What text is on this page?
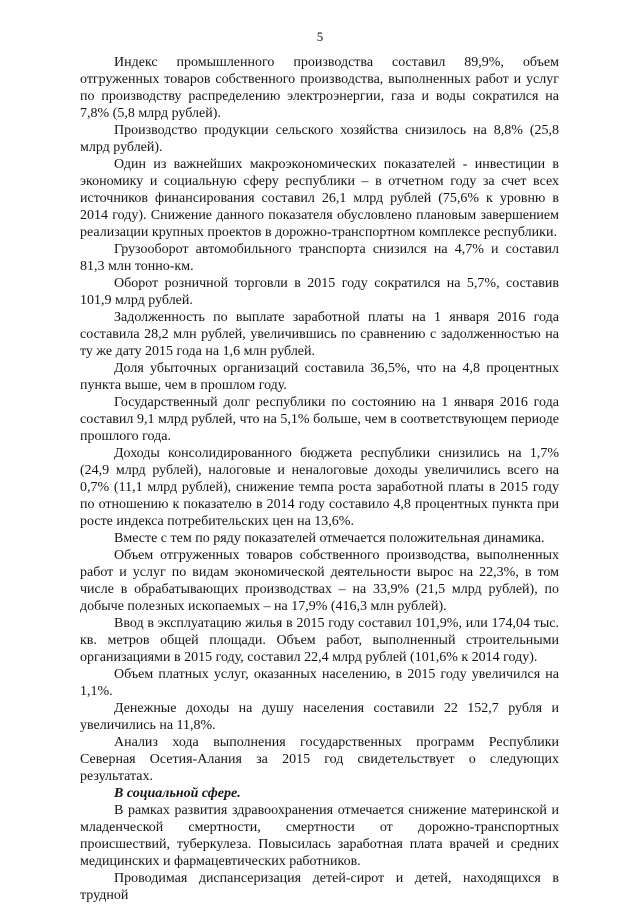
5

Индекс промышленного производства составил 89,9%, объем отгруженных товаров собственного производства, выполненных работ и услуг по производству распределению электроэнергии, газа и воды сократился на 7,8% (5,8 млрд рублей).

Производство продукции сельского хозяйства снизилось на 8,8% (25,8 млрд рублей).

Один из важнейших макроэкономических показателей - инвестиции в экономику и социальную сферу республики – в отчетном году за счет всех источников финансирования составил 26,1 млрд рублей (75,6% к уровню в 2014 году). Снижение данного показателя обусловлено плановым завершением реализации крупных проектов в дорожно-транспортном комплексе республики.

Грузооборот автомобильного транспорта снизился на 4,7% и составил 81,3 млн тонно-км.

Оборот розничной торговли в 2015 году сократился на 5,7%, составив 101,9 млрд рублей.

Задолженность по выплате заработной платы на 1 января 2016 года составила 28,2 млн рублей, увеличившись по сравнению с задолженностью на ту же дату 2015 года на 1,6 млн рублей.

Доля убыточных организаций составила 36,5%, что на 4,8 процентных пункта выше, чем в прошлом году.

Государственный долг республики по состоянию на 1 января 2016 года составил 9,1 млрд рублей, что на 5,1% больше, чем в соответствующем периоде прошлого года.

Доходы консолидированного бюджета республики снизились на 1,7% (24,9 млрд рублей), налоговые и неналоговые доходы увеличились всего на 0,7% (11,1 млрд рублей), снижение темпа роста заработной платы в 2015 году по отношению к показателю в 2014 году составило 4,8 процентных пункта при росте индекса потребительских цен на 13,6%.

Вместе с тем по ряду показателей отмечается положительная динамика.

Объем отгруженных товаров собственного производства, выполненных работ и услуг по видам экономической деятельности вырос на 22,3%, в том числе в обрабатывающих производствах – на 33,9% (21,5 млрд рублей), по добыче полезных ископаемых – на 17,9% (416,3 млн рублей).

Ввод в эксплуатацию жилья в 2015 году составил 101,9%, или 174,04 тыс. кв. метров общей площади. Объем работ, выполненный строительными организациями в 2015 году, составил 22,4 млрд рублей (101,6% к 2014 году).

Объем платных услуг, оказанных населению, в 2015 году увеличился на 1,1%.

Денежные доходы на душу населения составили 22 152,7 рубля и увеличились на 11,8%.

Анализ хода выполнения государственных программ Республики Северная Осетия-Алания за 2015 год свидетельствует о следующих результатах.

В социальной сфере.

В рамках развития здравоохранения отмечается снижение материнской и младенческой смертности, смертности от дорожно-транспортных происшествий, туберкулеза. Повысилась заработная плата врачей и средних медицинских и фармацевтических работников.

Проводимая диспансеризация детей-сирот и детей, находящихся в трудной
